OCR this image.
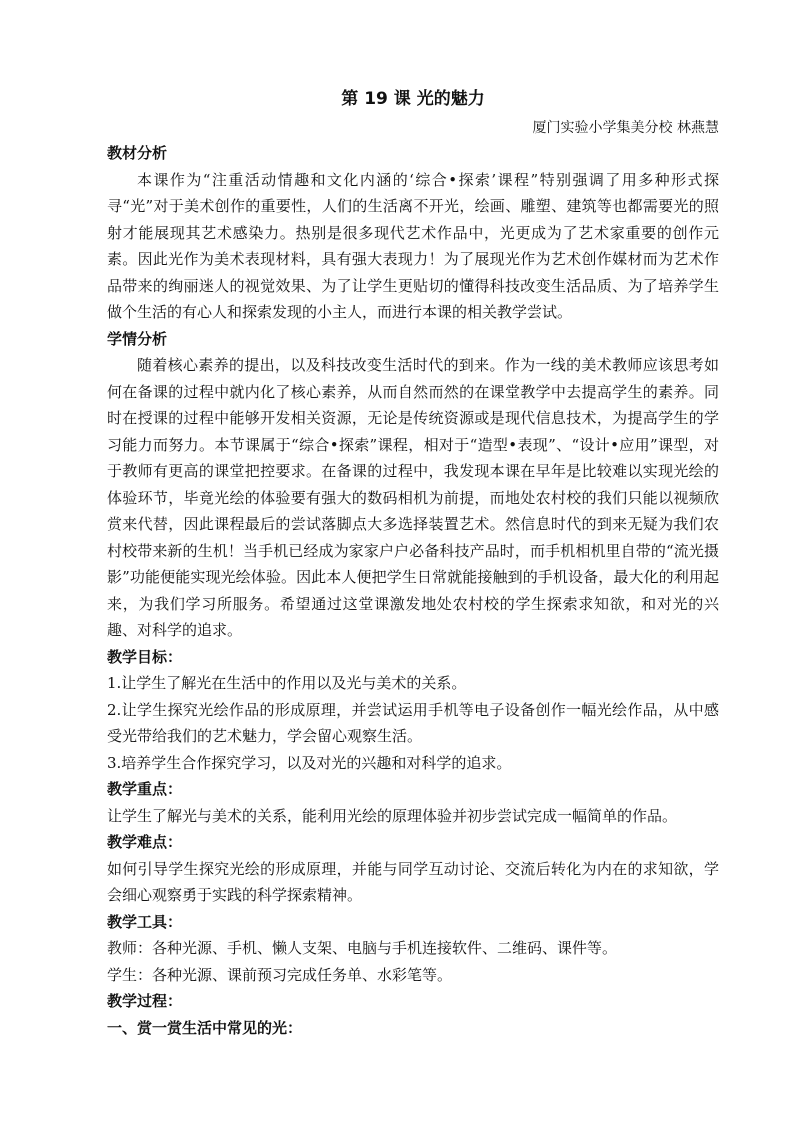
第 19 课 光的魅力

厦门实验小学集美分校 林燕慧

教材分析

本课作为“注重活动情趣和文化内涵的‘综合•探索’课程”特别强调了用多种形式探寻“光”对于美术创作的重要性，人们的生活离不开光，绘画、雕塑、建筑等也都需要光的照射才能展现其艺术感染力。热别是很多现代艺术作品中，光更成为了艺术家重要的创作元素。因此光作为美术表现材料，具有强大表现力！为了展现光作为艺术创作媒材而为艺术作品带来的绚丽迷人的视觉效果、为了让学生更贴切的懂得科技改变生活品质、为了培养学生做个生活的有心人和探索发现的小主人，而进行本课的相关教学尝试。

学情分析

随着核心素养的提出，以及科技改变生活时代的到来。作为一线的美术教师应该思考如何在备课的过程中就内化了核心素养，从而自然而然的在课堂教学中去提高学生的素养。同时在授课的过程中能够开发相关资源，无论是传统资源或是现代信息技术，为提高学生的学习能力而努力。本节课属于“综合•探索”课程，相对于“造型•表现”、“设计•应用”课型，对于教师有更高的课堂把控要求。在备课的过程中，我发现本课在早年是比较难以实现光绘的体验环节，毕竟光绘的体验要有强大的数码相机为前提，而地处农村校的我们只能以视频欣赏来代替，因此课程最后的尝试落脚点大多选择装置艺术。然信息时代的到来无疑为我们农村校带来新的生机！当手机已经成为家家户户必备科技产品时，而手机相机里自带的“流光摄影”功能便能实现光绘体验。因此本人便把学生日常就能接触到的手机设备，最大化的利用起来，为我们学习所服务。希望通过这堂课激发地处农村校的学生探索求知欲，和对光的兴趣、对科学的追求。

教学目标：

1.让学生了解光在生活中的作用以及光与美术的关系。

2.让学生探究光绘作品的形成原理，并尝试运用手机等电子设备创作一幅光绘作品，从中感受光带给我们的艺术魅力，学会留心观察生活。

3.培养学生合作探究学习，以及对光的兴趣和对科学的追求。

教学重点：

让学生了解光与美术的关系，能利用光绘的原理体验并初步尝试完成一幅简单的作品。

教学难点：

如何引导学生探究光绘的形成原理，并能与同学互动讨论、交流后转化为内在的求知欲，学会细心观察勇于实践的科学探索精神。

教学工具：

教师：各种光源、手机、懒人支架、电脑与手机连接软件、二维码、课件等。

学生：各种光源、课前预习完成任务单、水彩笔等。

教学过程：

一、赏一赏生活中常见的光：
